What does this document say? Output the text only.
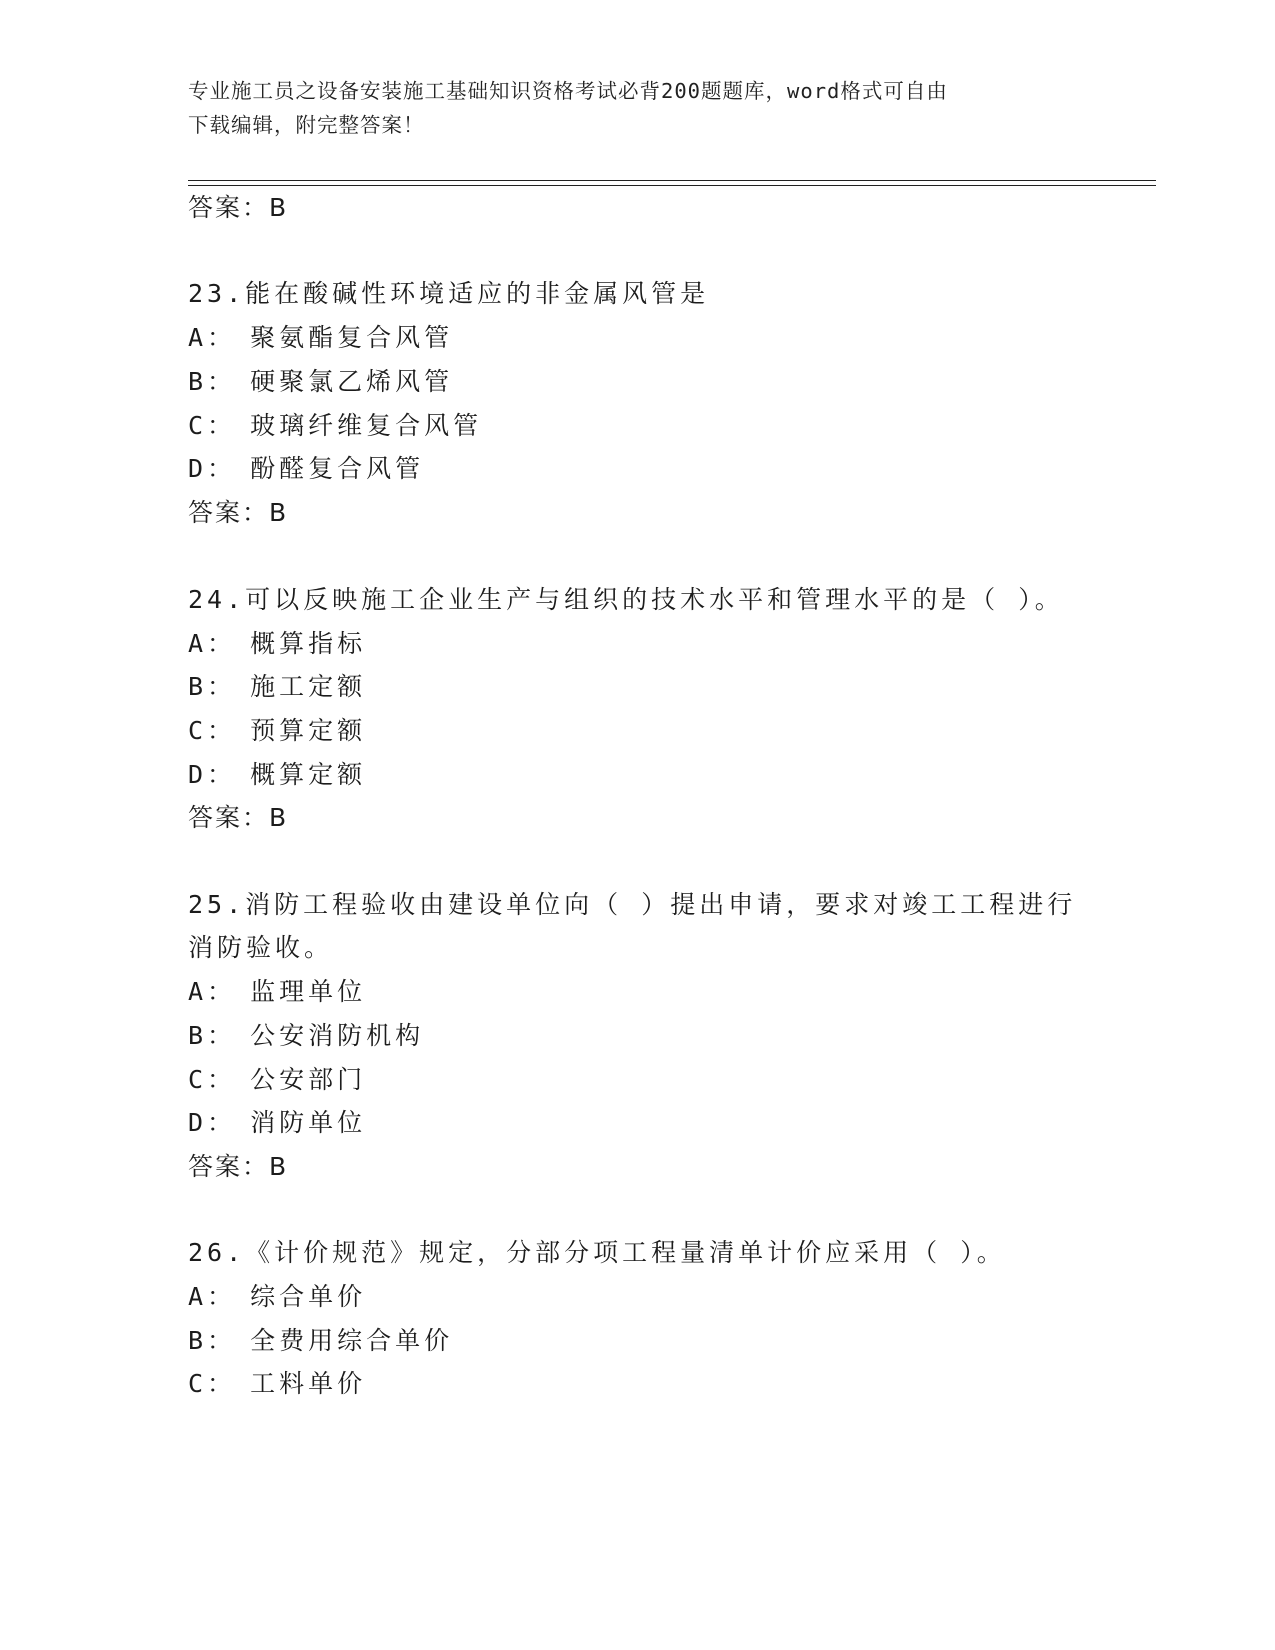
专业施工员之设备安装施工基础知识资格考试必背200题题库，word格式可自由
下载编辑，附完整答案！
答案：B
23.能在酸碱性环境适应的非金属风管是
A： 聚氨酯复合风管
B： 硬聚氯乙烯风管
C： 玻璃纤维复合风管
D： 酚醛复合风管
答案：B
24.可以反映施工企业生产与组织的技术水平和管理水平的是（ ）。
A： 概算指标
B： 施工定额
C： 预算定额
D： 概算定额
答案：B
25.消防工程验收由建设单位向（ ）提出申请，要求对竣工工程进行
消防验收。
A： 监理单位
B： 公安消防机构
C： 公安部门
D： 消防单位
答案：B
26.《计价规范》规定，分部分项工程量清单计价应采用（ ）。
A： 综合单价
B： 全费用综合单价
C： 工料单价
